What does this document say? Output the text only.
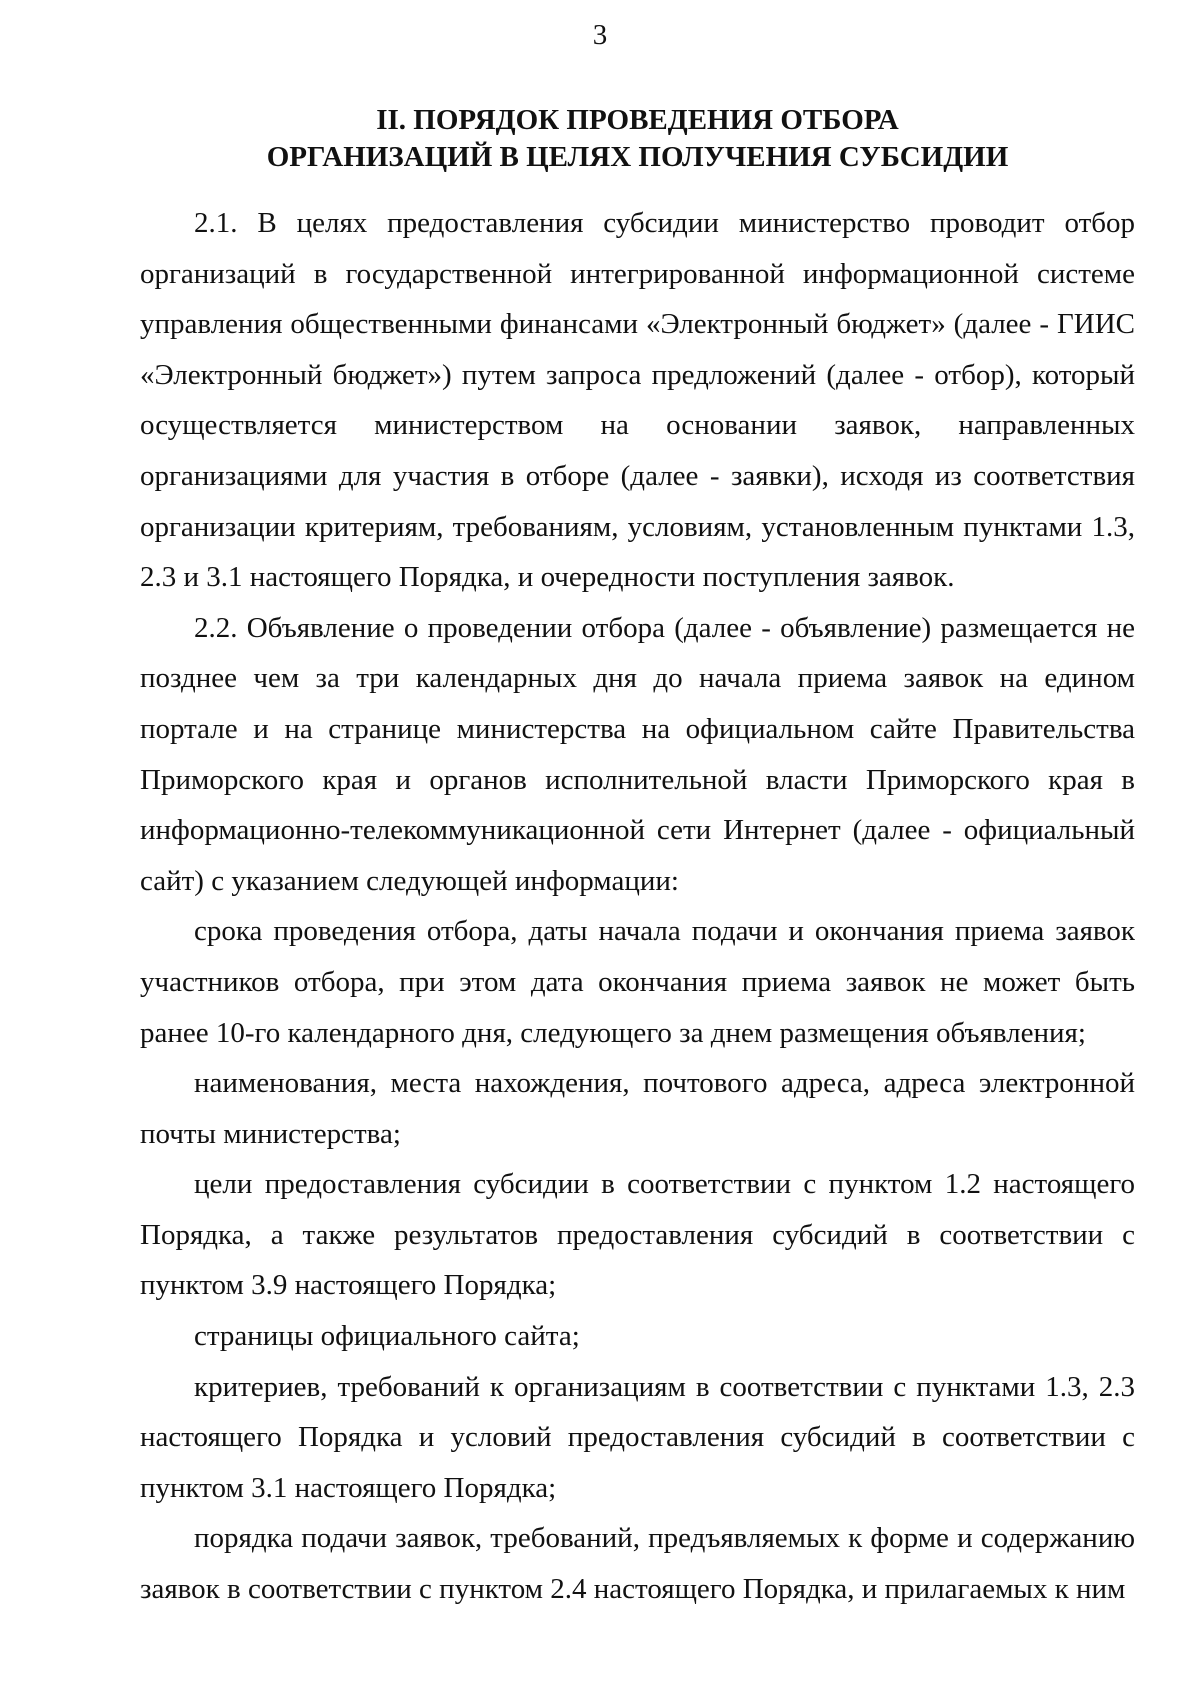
3
II. ПОРЯДОК ПРОВЕДЕНИЯ ОТБОРА
ОРГАНИЗАЦИЙ В ЦЕЛЯХ ПОЛУЧЕНИЯ СУБСИДИИ

2.1. В целях предоставления субсидии министерство проводит отбор организаций в государственной интегрированной информационной системе управления общественными финансами «Электронный бюджет» (далее - ГИИС «Электронный бюджет») путем запроса предложений (далее - отбор), который осуществляется министерством на основании заявок, направленных организациями для участия в отборе (далее - заявки), исходя из соответствия организации критериям, требованиям, условиям, установленным пунктами 1.3, 2.3 и 3.1 настоящего Порядка, и очередности поступления заявок.

2.2. Объявление о проведении отбора (далее - объявление) размещается не позднее чем за три календарных дня до начала приема заявок на едином портале и на странице министерства на официальном сайте Правительства Приморского края и органов исполнительной власти Приморского края в информационно-телекоммуникационной сети Интернет (далее - официальный сайт) с указанием следующей информации:

срока проведения отбора, даты начала подачи и окончания приема заявок участников отбора, при этом дата окончания приема заявок не может быть ранее 10-го календарного дня, следующего за днем размещения объявления;

наименования, места нахождения, почтового адреса, адреса электронной почты министерства;

цели предоставления субсидии в соответствии с пунктом 1.2 настоящего Порядка, а также результатов предоставления субсидий в соответствии с пунктом 3.9 настоящего Порядка;

страницы официального сайта;

критериев, требований к организациям в соответствии с пунктами 1.3, 2.3 настоящего Порядка и условий предоставления субсидий в соответствии с пунктом 3.1 настоящего Порядка;

порядка подачи заявок, требований, предъявляемых к форме и содержанию заявок в соответствии с пунктом 2.4 настоящего Порядка, и прилагаемых к ним
